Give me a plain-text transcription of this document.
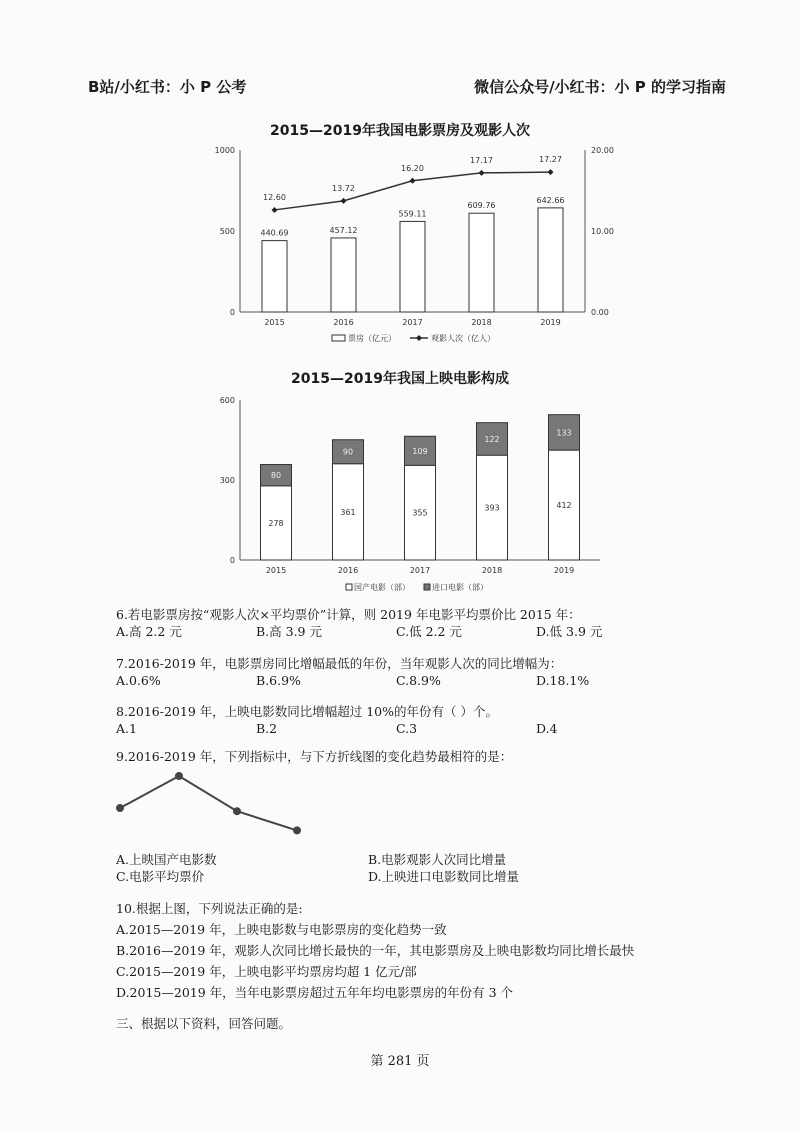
B站/小红书：小 P 公考	微信公众号/小红书：小 P 的学习指南
2015—2019年我国电影票房及观影人次
0
500
1000
0.00
10.00
20.00
440.69
2015
457.12
2016
559.11
2017
609.76
2018
642.66
2019
12.60
13.72
16.20
17.17	17.27
票房（亿元）	观影人次（亿人）
2015—2019年我国上映电影构成
0
300
600
278
80
2015
361
90
2016
355
109
2017
393
122
2018
412
133
2019
国产电影（部）	进口电影（部）
6.若电影票房按“观影人次×平均票价”计算，则 2019 年电影平均票价比 2015 年：
A.高 2.2 元	B.高 3.9 元	C.低 2.2 元	D.低 3.9 元
7.2016-2019 年，电影票房同比增幅最低的年份，当年观影人次的同比增幅为：
A.0.6%	B.6.9%	C.8.9%	D.18.1%
8.2016-2019 年，上映电影数同比增幅超过 10%的年份有（ ）个。
A.1	B.2	C.3	D.4
9.2016-2019 年，下列指标中，与下方折线图的变化趋势最相符的是：
A.上映国产电影数	B.电影观影人次同比增量
C.电影平均票价	D.上映进口电影数同比增量
10.根据上图，下列说法正确的是:
A.2015—2019 年，上映电影数与电影票房的变化趋势一致
B.2016—2019 年，观影人次同比增长最快的一年，其电影票房及上映电影数均同比增长最快
C.2015—2019 年，上映电影平均票房均超 1 亿元/部
D.2015—2019 年，当年电影票房超过五年年均电影票房的年份有 3 个
三、根据以下资料，回答问题。
第 281 页
